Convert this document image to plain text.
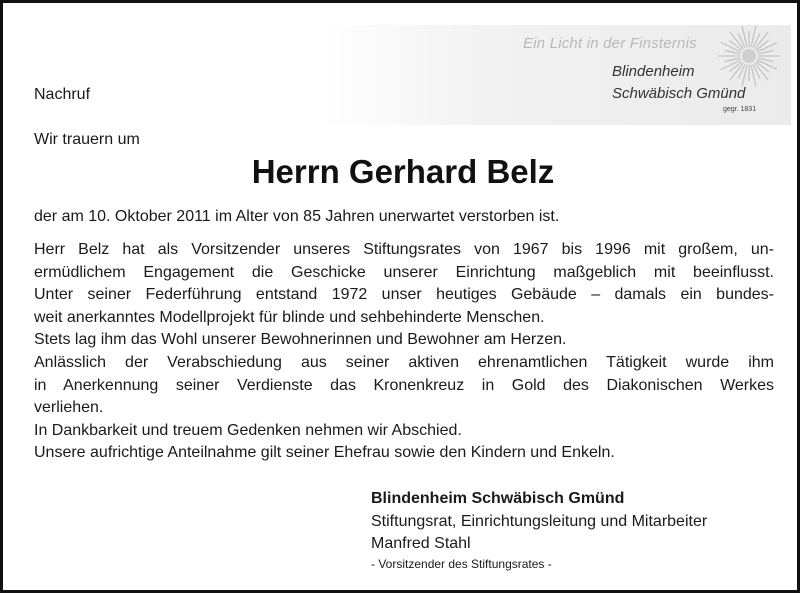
Ein Licht in der Finsternis
Blindenheim
Schwäbisch Gmünd
gegr. 1831
Nachruf
Wir trauern um
Herrn Gerhard Belz
der am 10. Oktober 2011 im Alter von 85 Jahren unerwartet verstorben ist.
Herr Belz hat als Vorsitzender unseres Stiftungsrates von 1967 bis 1996 mit großem, un-
ermüdlichem Engagement die Geschicke unserer Einrichtung maßgeblich mit beeinflusst.
Unter seiner Federführung entstand 1972 unser heutiges Gebäude – damals ein bundes-
weit anerkanntes Modellprojekt für blinde und sehbehinderte Menschen.
Stets lag ihm das Wohl unserer Bewohnerinnen und Bewohner am Herzen.
Anlässlich der Verabschiedung aus seiner aktiven ehrenamtlichen Tätigkeit wurde ihm
in Anerkennung seiner Verdienste das Kronenkreuz in Gold des Diakonischen Werkes
verliehen.
In Dankbarkeit und treuem Gedenken nehmen wir Abschied.
Unsere aufrichtige Anteilnahme gilt seiner Ehefrau sowie den Kindern und Enkeln.
Blindenheim Schwäbisch Gmünd
Stiftungsrat, Einrichtungsleitung und Mitarbeiter
Manfred Stahl
- Vorsitzender des Stiftungsrates -
